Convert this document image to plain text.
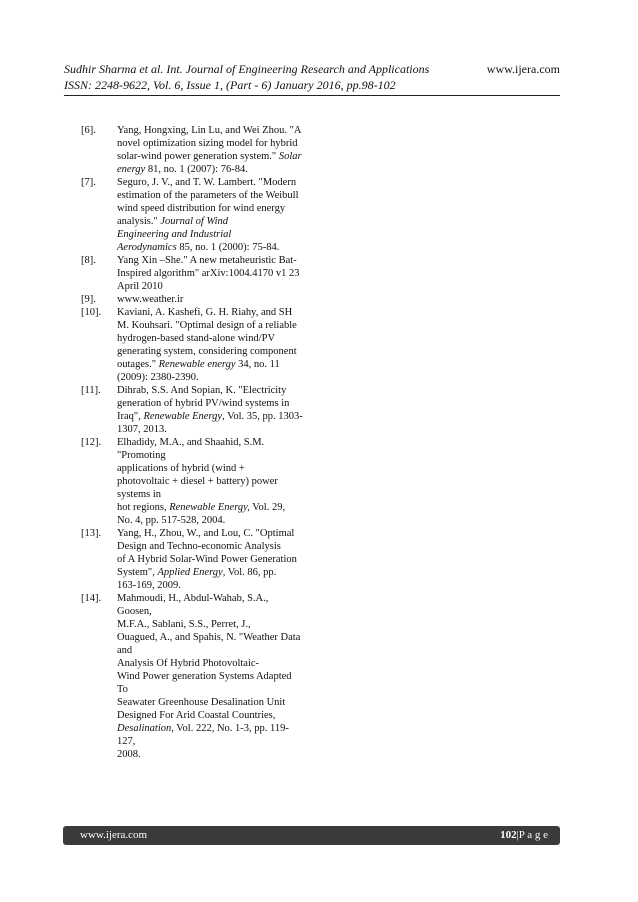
Sudhir Sharma et al. Int. Journal of Engineering Research and Applications	www.ijera.com
ISSN: 2248-9622, Vol. 6, Issue 1, (Part - 6) January 2016, pp.98-102
[6]. Yang, Hongxing, Lin Lu, and Wei Zhou. "A
novel optimization sizing model for hybrid
solar-wind power generation system." Solar
energy 81, no. 1 (2007): 76-84.
[7]. Seguro, J. V., and T. W. Lambert. "Modern
estimation of the parameters of the Weibull
wind speed distribution for wind energy
analysis." Journal of Wind
Engineering and Industrial
Aerodynamics 85, no. 1 (2000): 75-84.
[8]. Yang Xin –She." A new metaheuristic Bat-
Inspired algorithm" arXiv:1004.4170 v1 23
April 2010
[9]. www.weather.ir
[10]. Kaviani, A. Kashefi, G. H. Riahy, and SH
M. Kouhsari. "Optimal design of a reliable
hydrogen-based stand-alone wind/PV
generating system, considering component
outages." Renewable energy 34, no. 11
(2009): 2380-2390.
[11]. Dihrab, S.S. And Sopian, K. "Electricity
generation of hybrid PV/wind systems in
Iraq", Renewable Energy, Vol. 35, pp. 1303-
1307, 2013.
[12]. Elhadidy, M.A., and Shaahid, S.M.
"Promoting
applications of hybrid (wind +
photovoltaic + diesel + battery) power
systems in
hot regions, Renewable Energy, Vol. 29,
No. 4, pp. 517-528, 2004.
[13]. Yang, H., Zhou, W., and Lou, C. "Optimal
Design and Techno-economic Analysis
of A Hybrid Solar-Wind Power Generation
System", Applied Energy, Vol. 86, pp.
163-169, 2009.
[14]. Mahmoudi, H., Abdul-Wahab, S.A.,
Goosen,
M.F.A., Sablani, S.S., Perret, J.,
Ouagued, A., and Spahis, N. "Weather Data
and
Analysis Of Hybrid Photovoltaic-
Wind Power generation Systems Adapted
To
Seawater Greenhouse Desalination Unit
Designed For Arid Coastal Countries,
Desalination, Vol. 222, No. 1-3, pp. 119-
127,
2008.
www.ijera.com	102|P a g e
